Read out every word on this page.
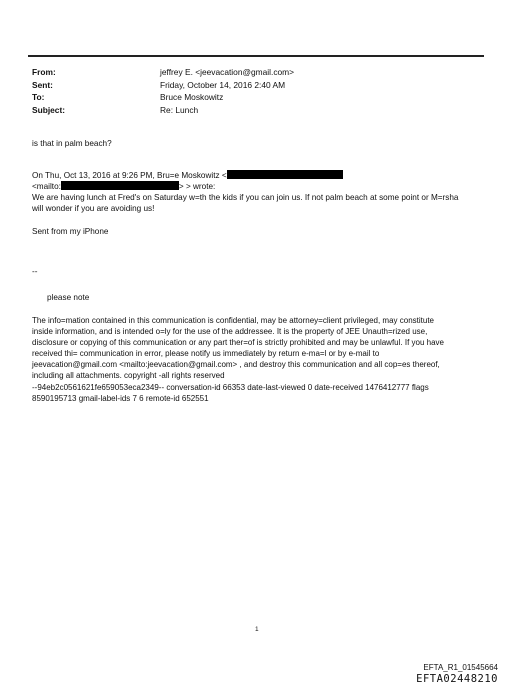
From:	jeffrey E. <jeevacation@gmail.com>
Sent:	Friday, October 14, 2016 2:40 AM
To:	Bruce Moskowitz
Subject:	Re: Lunch
is that in palm beach?
On Thu, Oct 13, 2016 at 9:26 PM, Bru=e Moskowitz <
<mailto:	> > wrote:
We are having lunch at Fred's on Saturday w=th the kids if you can join us. If not palm beach at some point or M=rsha
will wonder if you are avoiding us!
Sent from my iPhone
--
please note
The info=mation contained in this communication is confidential, may be attorney=client privileged, may constitute
inside information, and is intended o=ly for the use of the addressee. It is the property of JEE Unauth=rized use,
disclosure or copying of this communication or any part ther=of is strictly prohibited and may be unlawful. If you have
received thi= communication in error, please notify us immediately by return e-ma=l or by e-mail to
jeevacation@gmail.com <mailto:jeevacation@gmail.com> , and destroy this communication and all cop=es thereof,
including all attachments. copyright -all rights reserved
--94eb2c0561621fe659053eca2349-- conversation-id 66353 date-last-viewed 0 date-received 1476412777 flags
8590195713 gmail-label-ids 7 6 remote-id 652551
1
EFTA_R1_01545664
EFTA02448210
